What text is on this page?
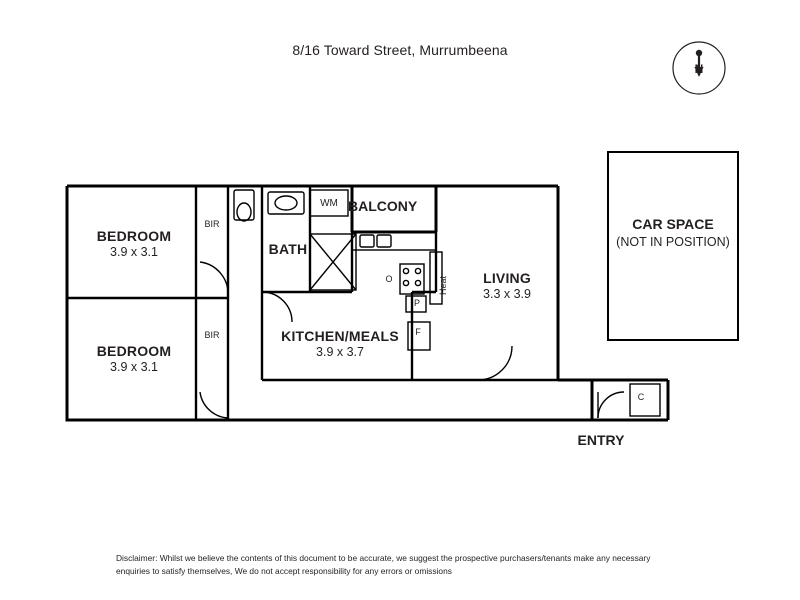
8/16 Toward Street, Murrumbeena
N
BEDROOM
3.9 x 3.1
BEDROOM
3.9 x 3.1
BATH
KITCHEN/MEALS
3.9 x 3.7
LIVING
3.3 x 3.9
BALCONY
BIR
BIR
WM
O
P
F
C
Heat
ENTRY
CAR SPACE
(NOT IN POSITION)
Disclaimer: Whilst we believe the contents of this document to be accurate, we suggest the prospective purchasers/tenants make any necessary
enquiries to satisfy themselves, We do not accept responsibility for any errors or omissions
